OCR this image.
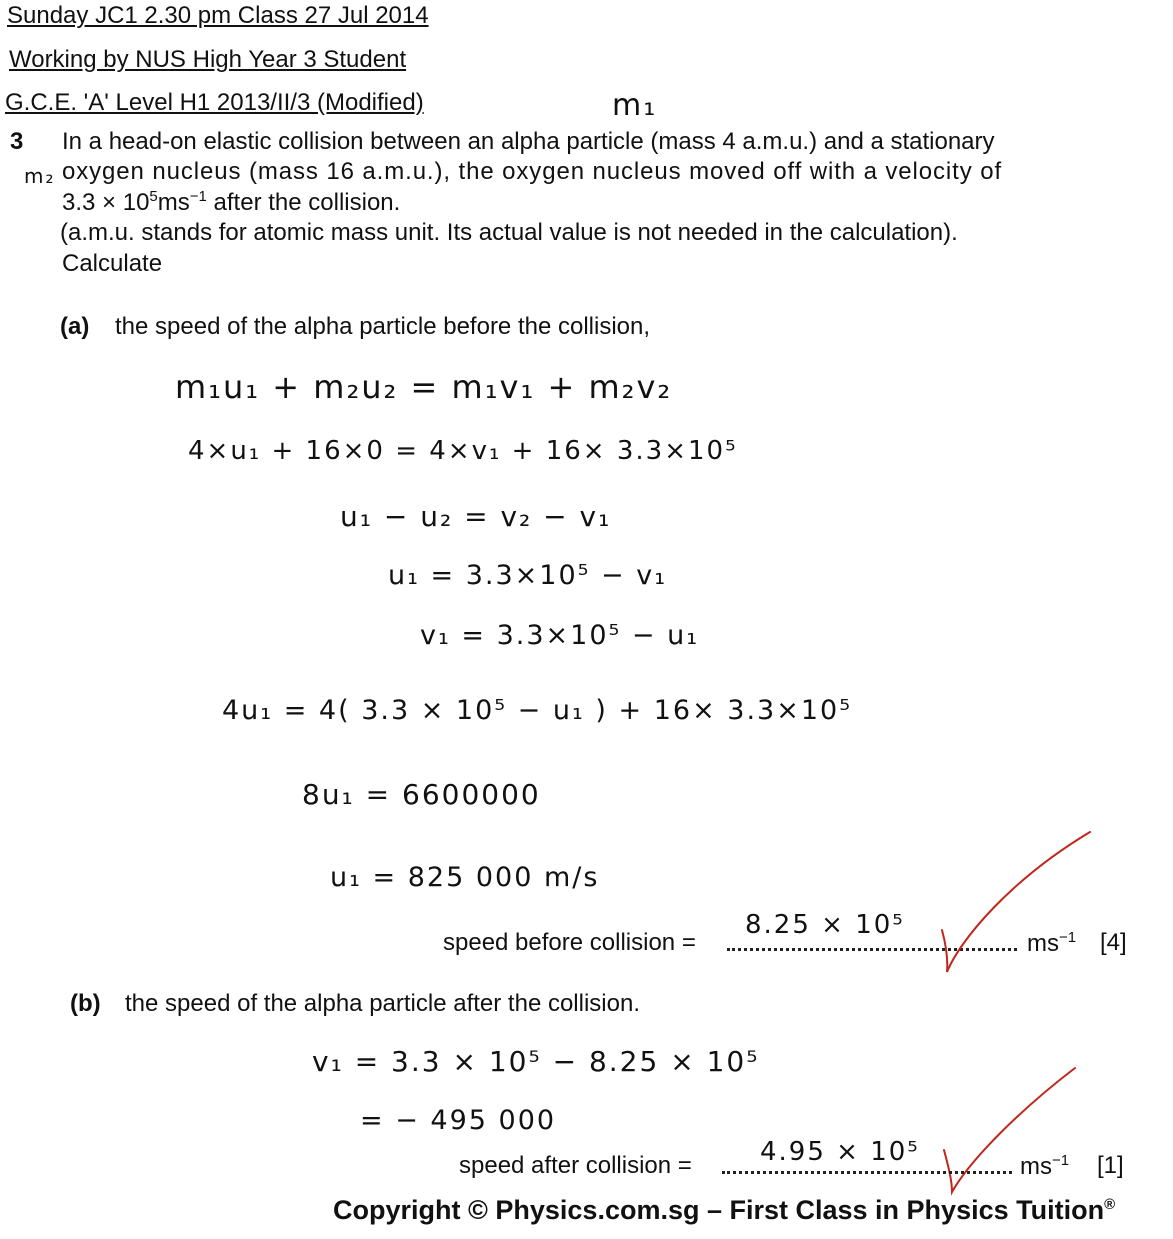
Sunday JC1 2.30 pm Class 27 Jul 2014
Working by NUS High Year 3 Student
G.C.E. 'A' Level H1 2013/II/3 (Modified)	m₁
m₂
3 In a head-on elastic collision between an alpha particle (mass 4 a.m.u.) and a stationary
oxygen nucleus (mass 16 a.m.u.), the oxygen nucleus moved off with a velocity of
$3.3 \times 10^5ms^{-1}$ after the collision.
(a.m.u. stands for atomic mass unit. Its actual value is not needed in the calculation).
Calculate
(a) the speed of the alpha particle before the collision,
m₁u₁ + m₂u₂ = m₁v₁ + m₂v₂
4×u₁ + 16×0 = 4×v₁ + 16× 3.3×10⁵
u₁ − u₂ = v₂ − v₁
u₁ = 3.3×10⁵ − v₁
v₁ = 3.3×10⁵ − u₁
4u₁ = 4( 3.3 × 10⁵ − u₁ ) + 16× 3.3×10⁵
8u₁ = 6600000
u₁ = 825 000 m/s
speed before collision =
8.25 × 10⁵
$ms^{-1}$ [4]
(b) the speed of the alpha particle after the collision.
v₁ = 3.3 × 10⁵ − 8.25 × 10⁵
= − 495 000
speed after collision =	4.95 × 10⁵	$ms^{-1}$ [1]
Copyright © Physics.com.sg – First Class in Physics Tuition®
